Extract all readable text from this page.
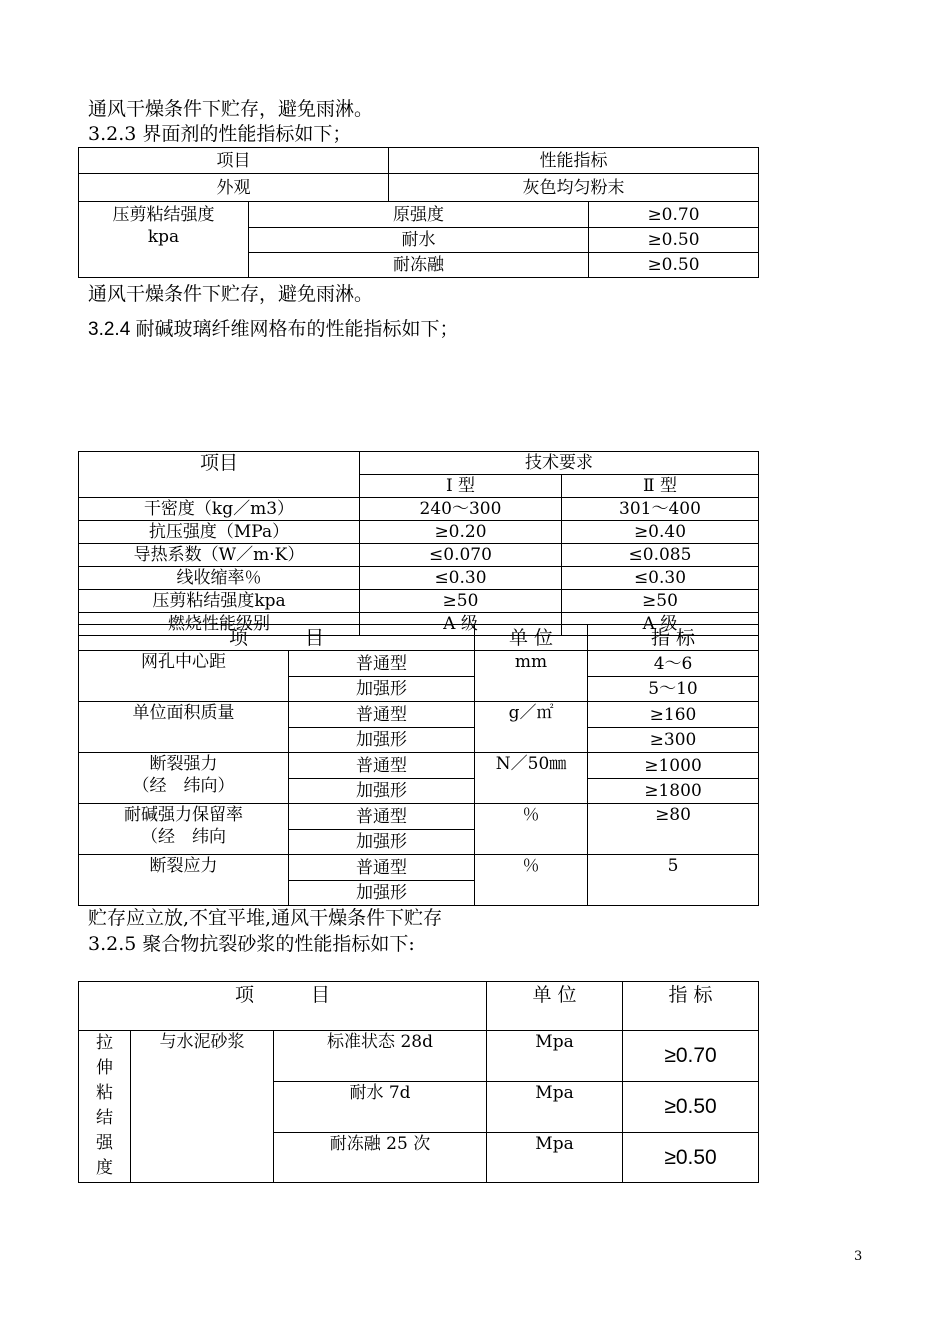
通风干燥条件下贮存，避免雨淋。
3.2.3 界面剂的性能指标如下；
项目		性能指标	
外观		灰色均匀粉末	
压剪粘结强度
kpa	原强度		≥0.70
	耐水		≥0.50
	耐冻融		≥0.50
通风干燥条件下贮存，避免雨淋。
3.2.4 耐碱玻璃纤维网格布的性能指标如下；
项目	技术要求	
	Ⅰ 型	Ⅱ 型
干密度（kg／m3）	240～300	301～400
抗压强度（MPa）	≥0.20	≥0.40
导热系数（W／m·K）	≤0.070	≤0.085
线收缩率％	≤0.30	≤0.30
压剪粘结强度kpa	≥50	≥50
燃烧性能级别	A 级	A 级
项　　　目		单 位	指 标
网孔中心距	普通型	mm	4～6
	加强形		5～10
单位面积质量	普通型	g／㎡	≥160
	加强形		≥300
断裂强力
（经　纬向）	普通型	N／50㎜	≥1000
	加强形		≥1800
耐碱强力保留率
（经　纬向	普通型	％	≥80
	加强形		
断裂应力	普通型	％	5
	加强形		
贮存应立放,不宜平堆,通风干燥条件下贮存
3.2.5 聚合物抗裂砂浆的性能指标如下:
项　　　目			单 位	指 标
拉伸粘结强度	与水泥砂浆	标准状态 28d	Mpa	≥0.70
		耐水 7d	Mpa	≥0.50
		耐冻融 25 次	Mpa	≥0.50
3
